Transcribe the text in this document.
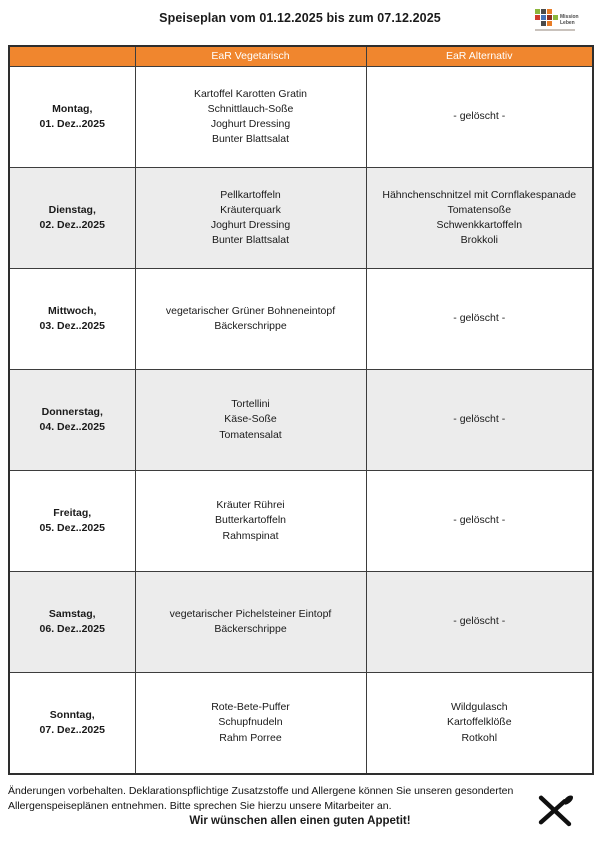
Speiseplan vom 01.12.2025 bis zum 07.12.2025	Mission
Leben
	EaR Vegetarisch	EaR Alternativ
Montag,
01. Dez..2025	Kartoffel Karotten Gratin
Schnittlauch-Soße
Joghurt Dressing
Bunter Blattsalat	- gelöscht -
Dienstag,
02. Dez..2025	Pellkartoffeln
Kräuterquark
Joghurt Dressing
Bunter Blattsalat	Hähnchenschnitzel mit Cornflakespanade
Tomatensoße
Schwenkkartoffeln
Brokkoli
Mittwoch,
03. Dez..2025	vegetarischer Grüner Bohneneintopf
Bäckerschrippe	- gelöscht -
Donnerstag,
04. Dez..2025	Tortellini
Käse-Soße
Tomatensalat	- gelöscht -
Freitag,
05. Dez..2025	Kräuter Rührei
Butterkartoffeln
Rahmspinat	- gelöscht -
Samstag,
06. Dez..2025	vegetarischer Pichelsteiner Eintopf
Bäckerschrippe	- gelöscht -
Sonntag,
07. Dez..2025	Rote-Bete-Puffer
Schupfnudeln
Rahm Porree	Wildgulasch
Kartoffelklöße
Rotkohl
Änderungen vorbehalten. Deklarationspflichtige Zusatzstoffe und Allergene können Sie unseren gesonderten
Allergenspeiseplänen entnehmen. Bitte sprechen Sie hierzu unsere Mitarbeiter an.
Wir wünschen allen einen guten Appetit!
